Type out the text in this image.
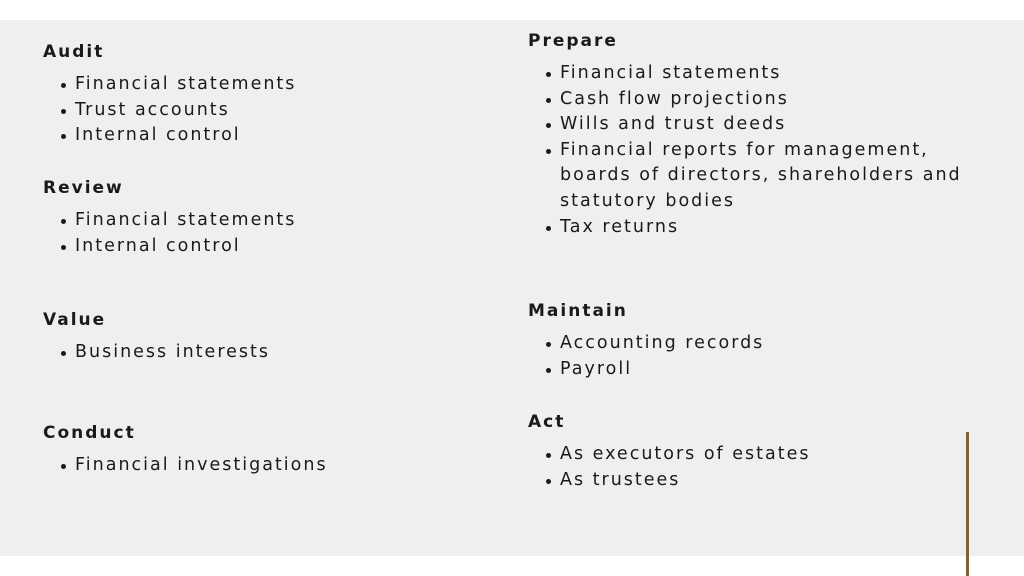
Audit
Financial statements
Trust accounts
Internal control
Review
Financial statements
Internal control
Value
Business interests
Conduct
Financial investigations
Prepare
Financial statements
Cash flow projections
Wills and trust deeds
Financial reports for management, boards of directors, shareholders and statutory bodies
Tax returns
Maintain
Accounting records
Payroll
Act
As executors of estates
As trustees
